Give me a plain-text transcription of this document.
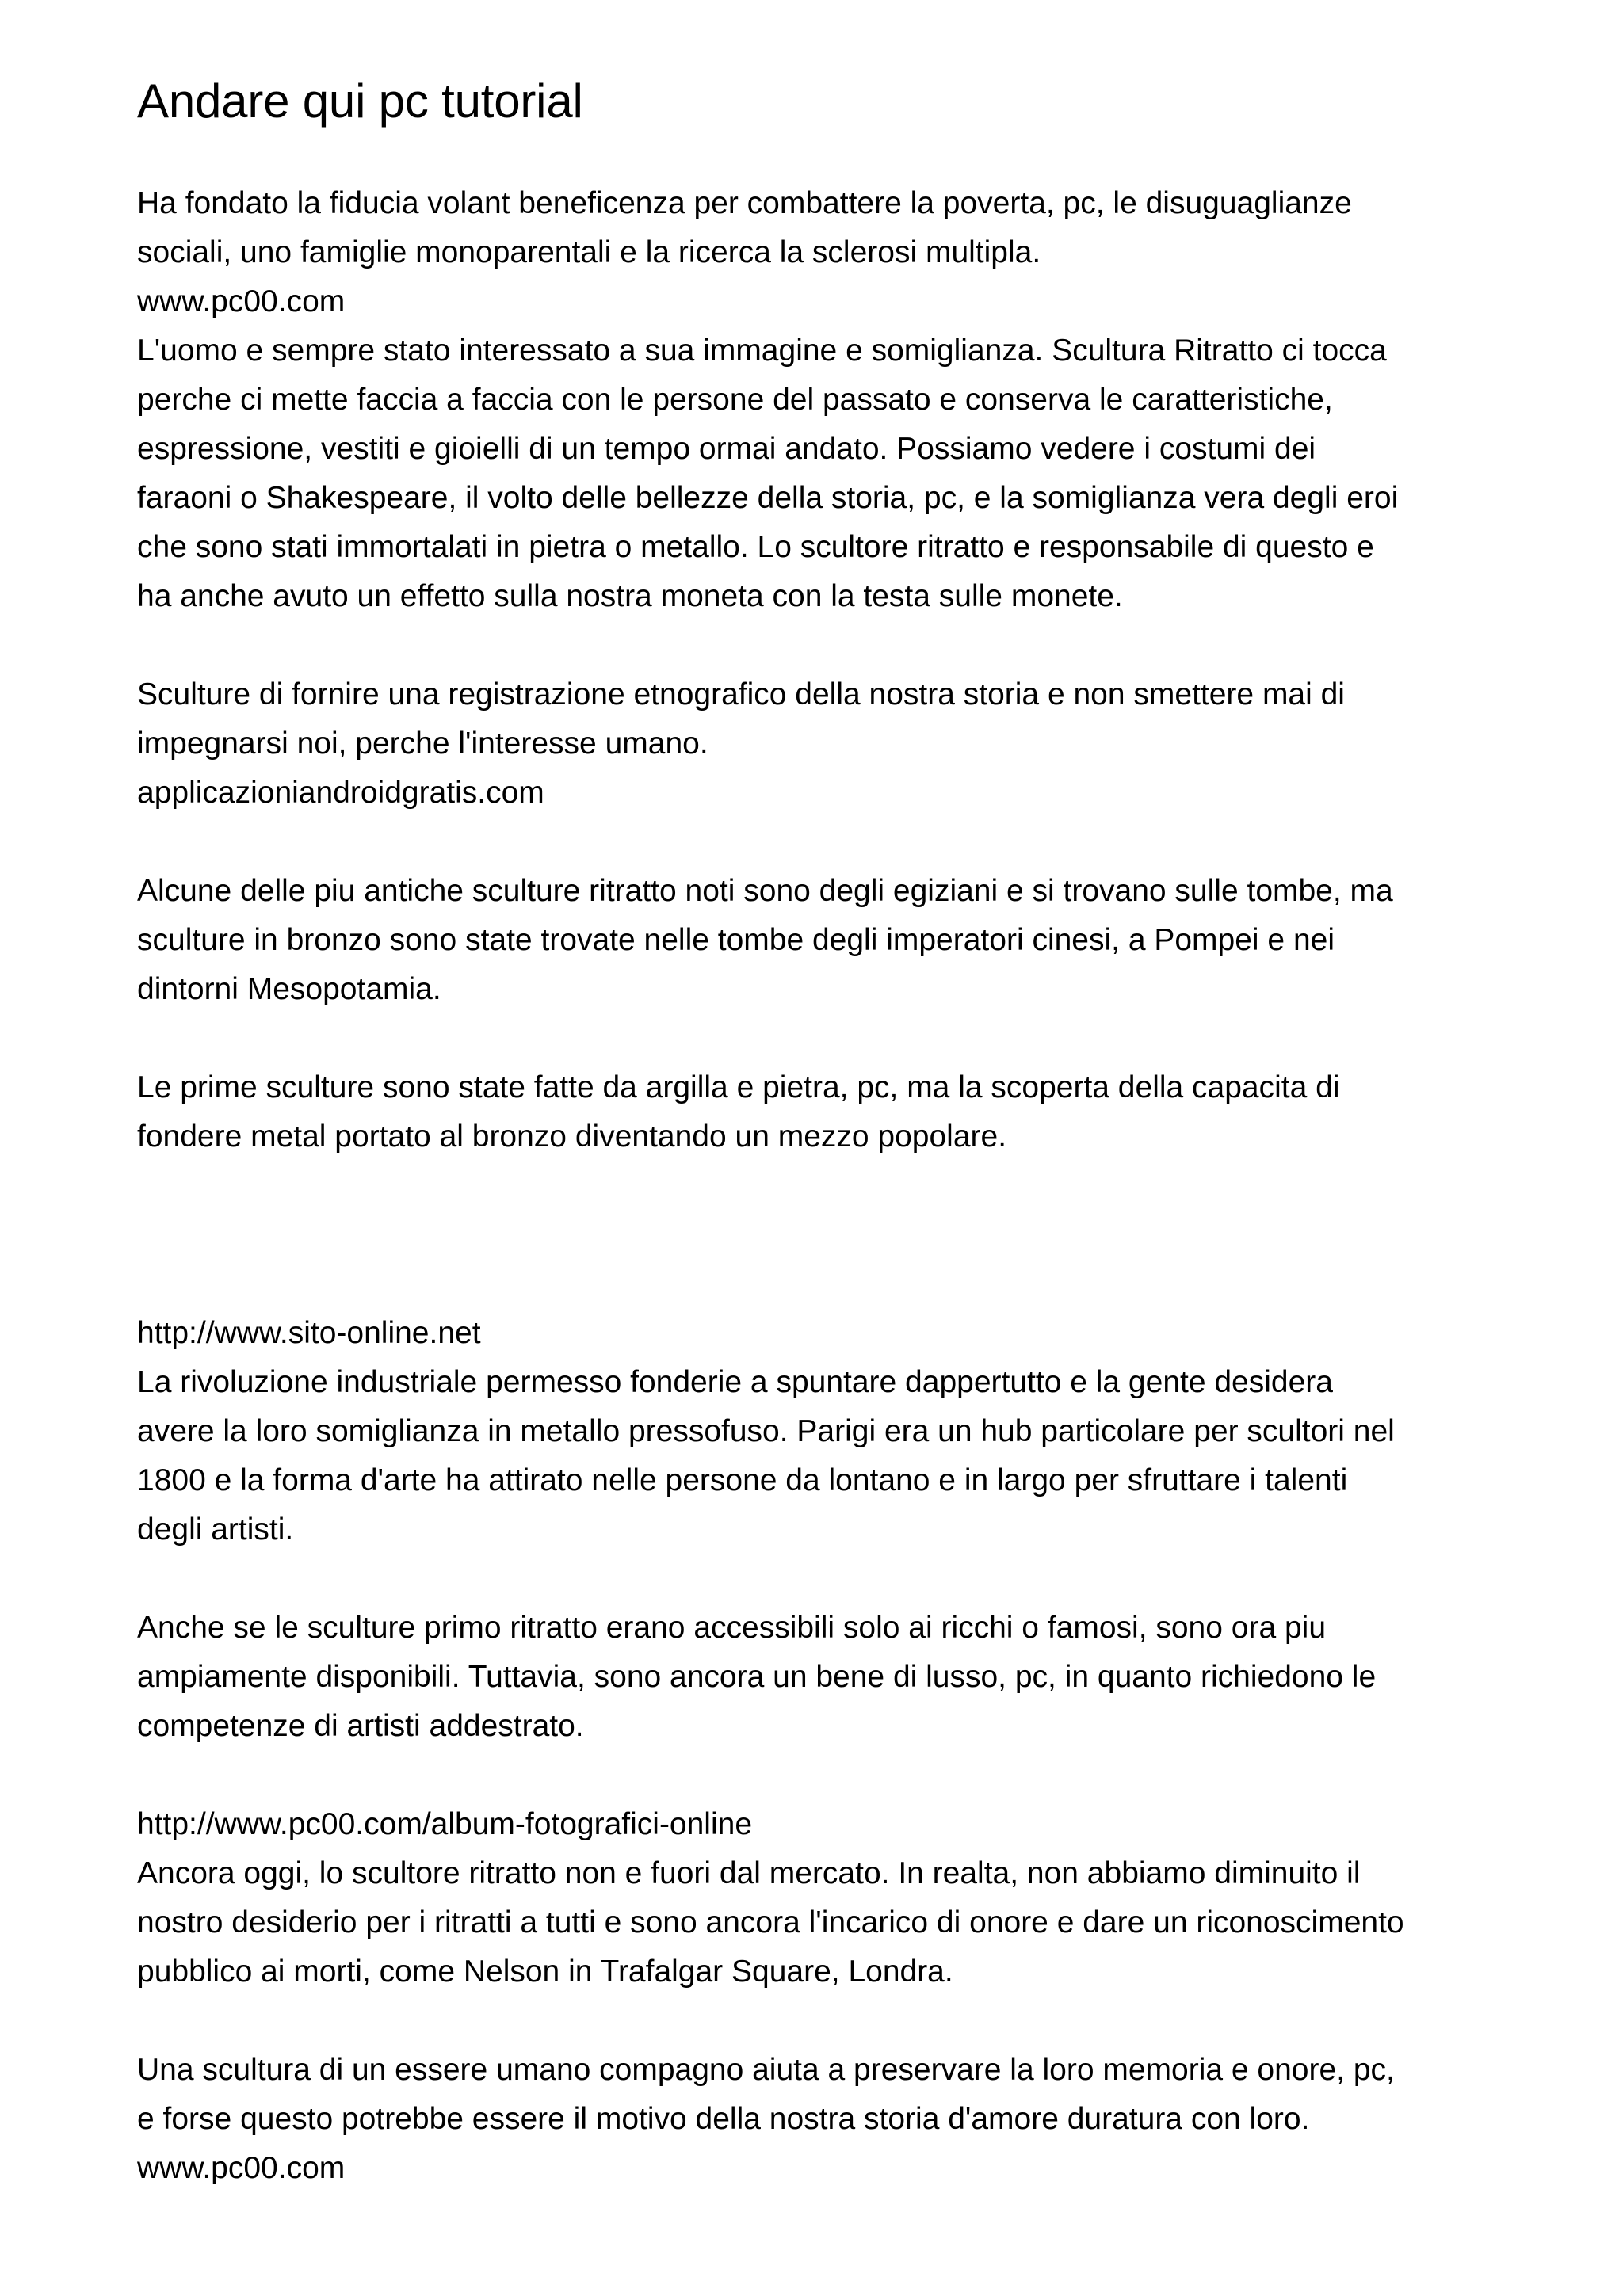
Andare qui pc tutorial
Ha fondato la fiducia volant beneficenza per combattere la poverta, pc, le disuguaglianze
sociali, uno famiglie monoparentali e la ricerca la sclerosi multipla.
www.pc00.com
L'uomo e sempre stato interessato a sua immagine e somiglianza. Scultura Ritratto ci tocca
perche ci mette faccia a faccia con le persone del passato e conserva le caratteristiche,
espressione, vestiti e gioielli di un tempo ormai andato. Possiamo vedere i costumi dei
faraoni o Shakespeare, il volto delle bellezze della storia, pc, e la somiglianza vera degli eroi
che sono stati immortalati in pietra o metallo. Lo scultore ritratto e responsabile di questo e
ha anche avuto un effetto sulla nostra moneta con la testa sulle monete.
Sculture di fornire una registrazione etnografico della nostra storia e non smettere mai di
impegnarsi noi, perche l'interesse umano.
applicazioniandroidgratis.com
Alcune delle piu antiche sculture ritratto noti sono degli egiziani e si trovano sulle tombe, ma
sculture in bronzo sono state trovate nelle tombe degli imperatori cinesi, a Pompei e nei
dintorni Mesopotamia.
Le prime sculture sono state fatte da argilla e pietra, pc, ma la scoperta della capacita di
fondere metal portato al bronzo diventando un mezzo popolare.
http://www.sito-online.net
La rivoluzione industriale permesso fonderie a spuntare dappertutto e la gente desidera
avere la loro somiglianza in metallo pressofuso. Parigi era un hub particolare per scultori nel
1800 e la forma d'arte ha attirato nelle persone da lontano e in largo per sfruttare i talenti
degli artisti.
Anche se le sculture primo ritratto erano accessibili solo ai ricchi o famosi, sono ora piu
ampiamente disponibili. Tuttavia, sono ancora un bene di lusso, pc, in quanto richiedono le
competenze di artisti addestrato.
http://www.pc00.com/album-fotografici-online
Ancora oggi, lo scultore ritratto non e fuori dal mercato. In realta, non abbiamo diminuito il
nostro desiderio per i ritratti a tutti e sono ancora l'incarico di onore e dare un riconoscimento
pubblico ai morti, come Nelson in Trafalgar Square, Londra.
Una scultura di un essere umano compagno aiuta a preservare la loro memoria e onore, pc,
e forse questo potrebbe essere il motivo della nostra storia d'amore duratura con loro.
www.pc00.com
